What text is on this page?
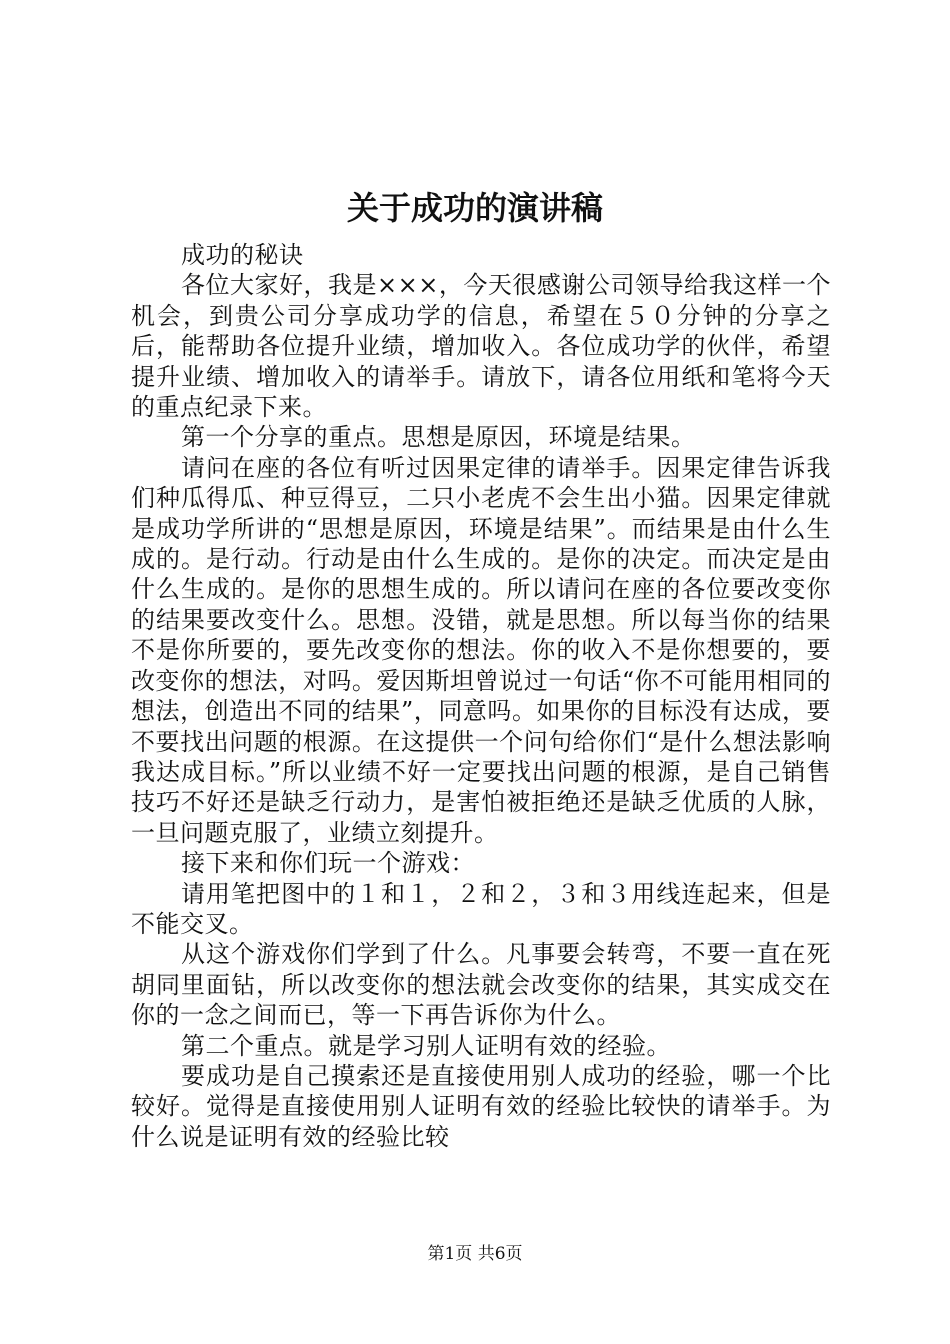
关于成功的演讲稿

成功的秘诀

各位大家好，我是×××，今天很感谢公司领导给我这样一个机会，到贵公司分享成功学的信息，希望在５０分钟的分享之后，能帮助各位提升业绩，增加收入。各位成功学的伙伴，希望提升业绩、增加收入的请举手。请放下，请各位用纸和笔将今天的重点纪录下来。

第一个分享的重点。思想是原因，环境是结果。

请问在座的各位有听过因果定律的请举手。因果定律告诉我们种瓜得瓜、种豆得豆，二只小老虎不会生出小猫。因果定律就是成功学所讲的“思想是原因，环境是结果”。而结果是由什么生成的。是行动。行动是由什么生成的。是你的决定。而决定是由什么生成的。是你的思想生成的。所以请问在座的各位要改变你的结果要改变什么。思想。没错，就是思想。所以每当你的结果不是你所要的，要先改变你的想法。你的收入不是你想要的，要改变你的想法，对吗。爱因斯坦曾说过一句话“你不可能用相同的想法，创造出不同的结果”，同意吗。如果你的目标没有达成，要不要找出问题的根源。在这提供一个问句给你们“是什么想法影响我达成目标。”所以业绩不好一定要找出问题的根源，是自己销售技巧不好还是缺乏行动力，是害怕被拒绝还是缺乏优质的人脉，一旦问题克服了，业绩立刻提升。

接下来和你们玩一个游戏：

请用笔把图中的１和１，２和２，３和３用线连起来，但是不能交叉。

从这个游戏你们学到了什么。凡事要会转弯，不要一直在死胡同里面钻，所以改变你的想法就会改变你的结果，其实成交在你的一念之间而已，等一下再告诉你为什么。

第二个重点。就是学习别人证明有效的经验。

要成功是自己摸索还是直接使用别人成功的经验，哪一个比较好。觉得是直接使用别人证明有效的经验比较快的请举手。为什么说是证明有效的经验比较

第1页 共6页
